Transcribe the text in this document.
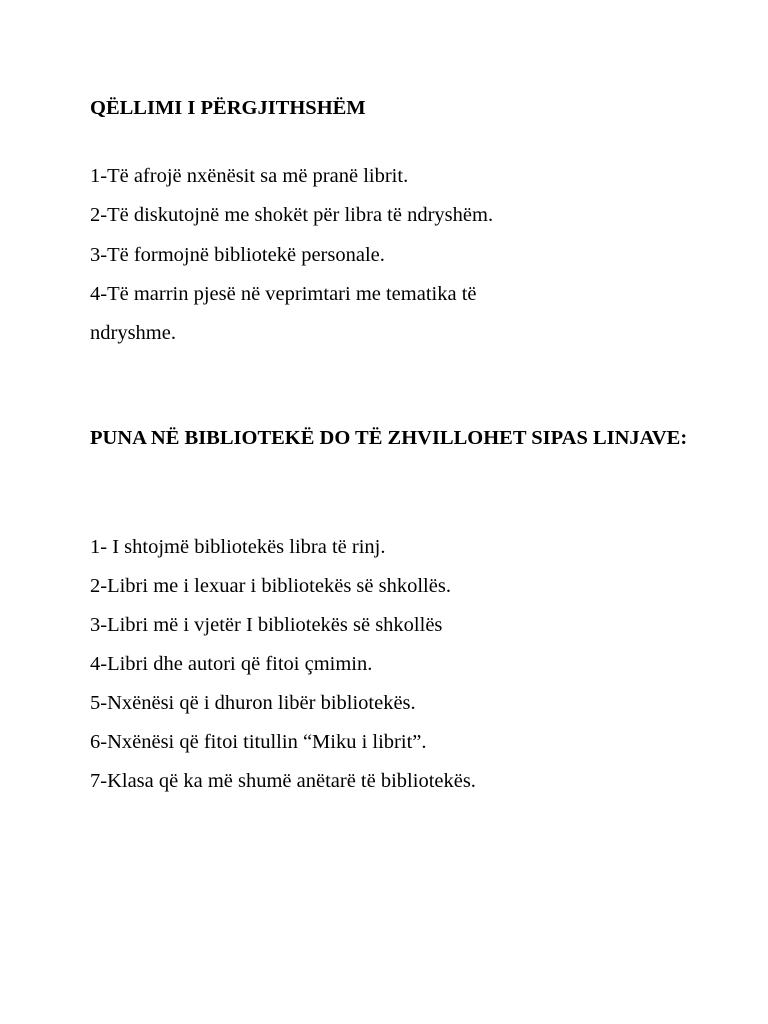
QËLLIMI I PËRGJITHSHËM

1-Të afrojë nxënësit sa më pranë librit.

2-Të diskutojnë me shokët për libra të ndryshëm.

3-Të formojnë bibliotekë personale.

4-Të marrin pjesë në veprimtari me tematika të

ndryshme.

PUNA NË BIBLIOTEKË DO TË ZHVILLOHET SIPAS LINJAVE:

1- I shtojmë bibliotekës libra të rinj.

2-Libri me i lexuar i bibliotekës së shkollës.

3-Libri më i vjetër I bibliotekës së shkollës

4-Libri dhe autori që fitoi çmimin.

5-Nxënësi që i dhuron libër bibliotekës.

6-Nxënësi që fitoi titullin “Miku i librit”.

7-Klasa që ka më shumë anëtarë të bibliotekës.
